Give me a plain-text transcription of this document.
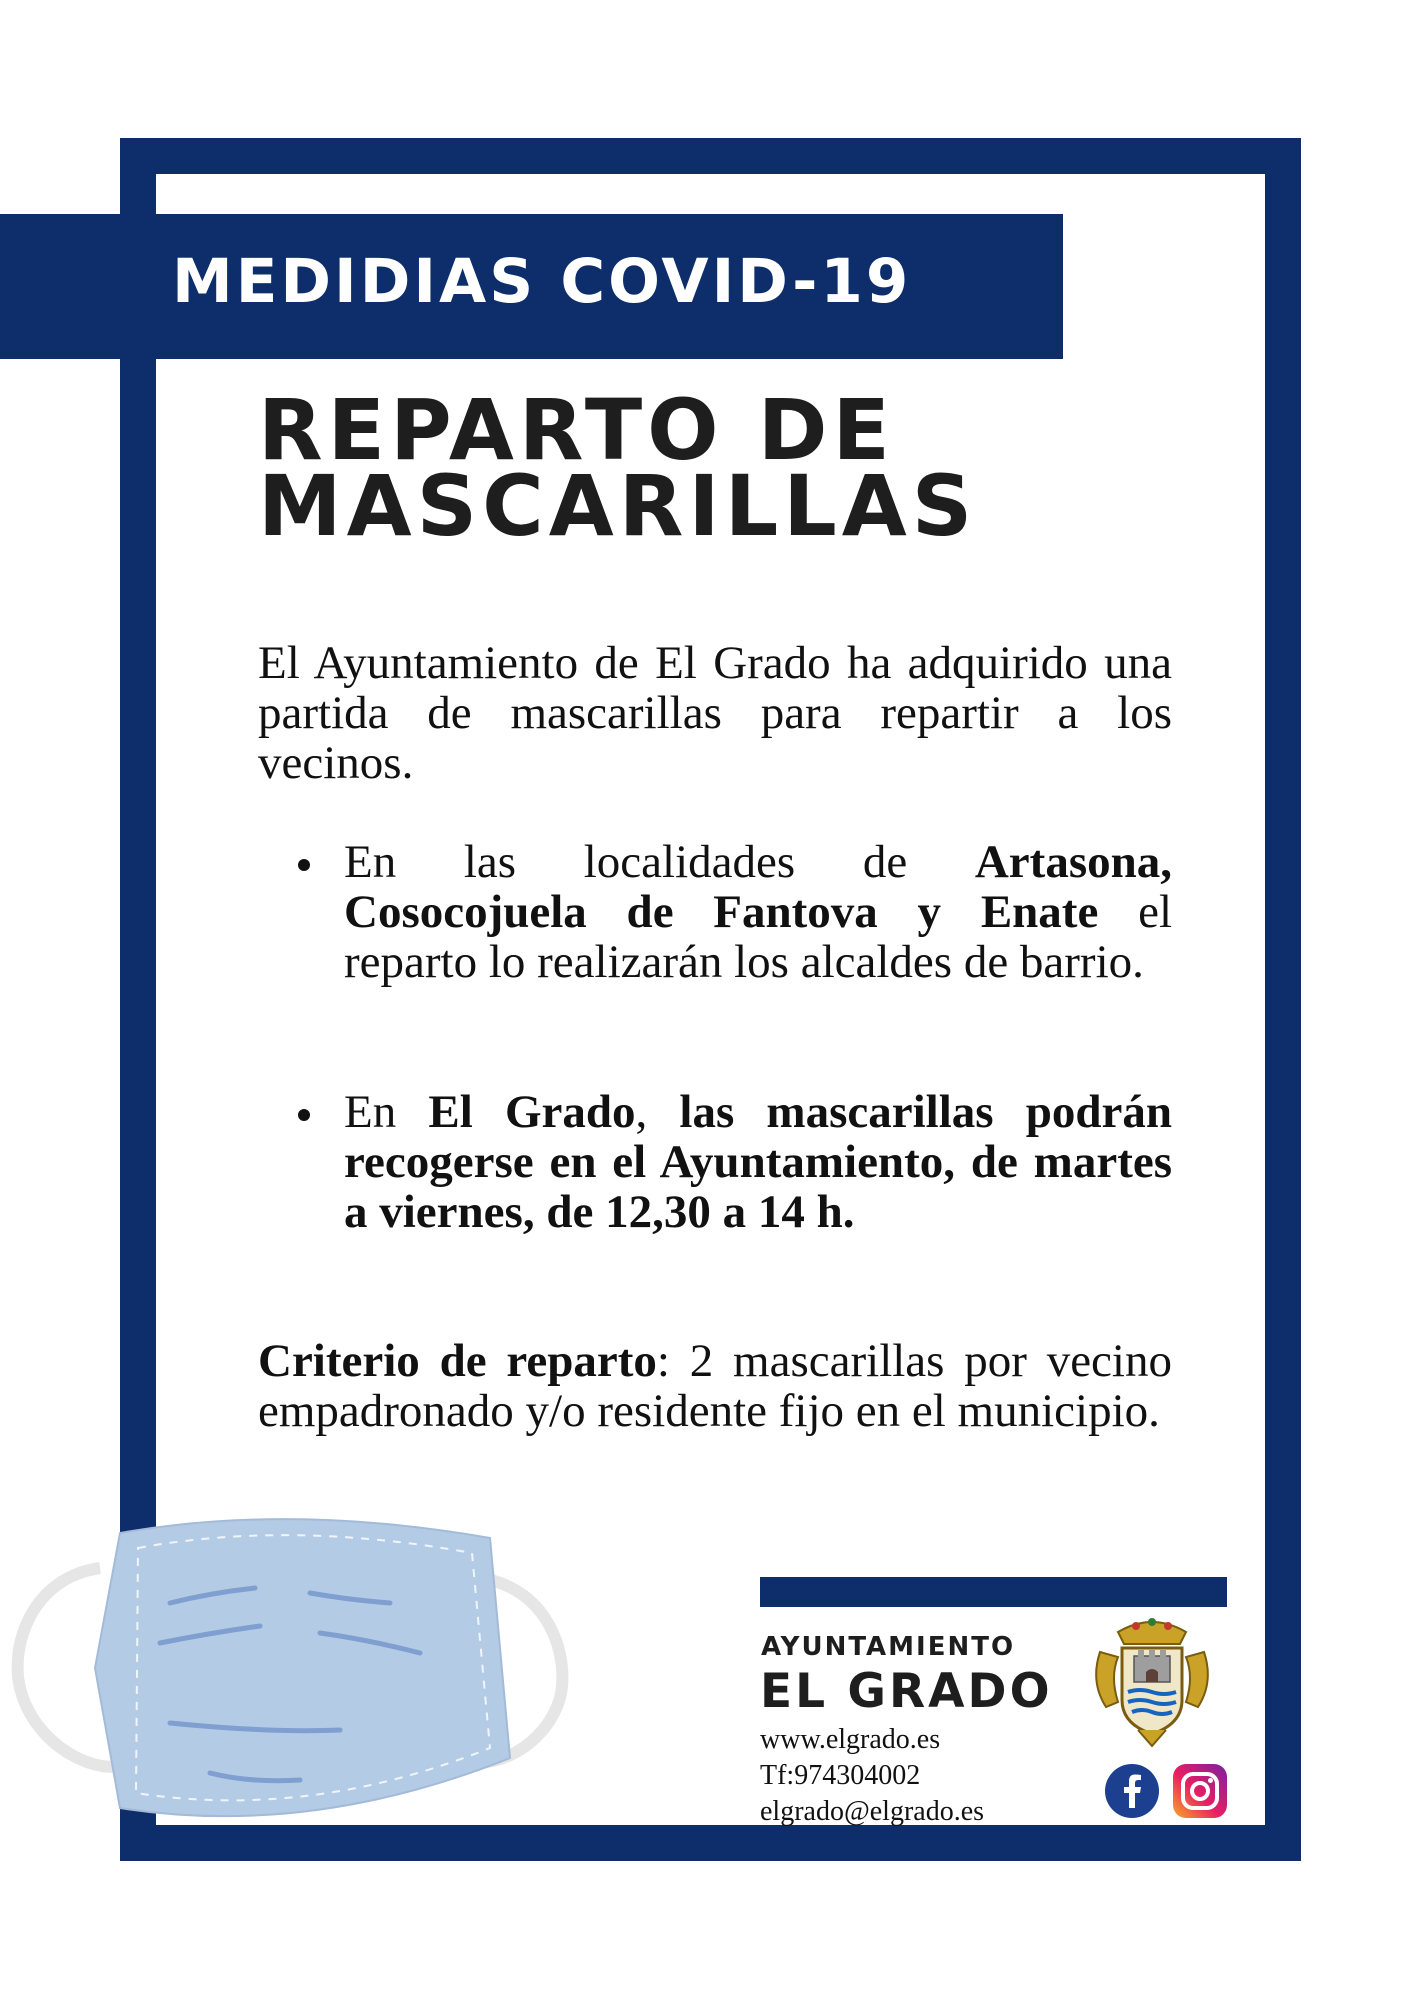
MEDIDIAS COVID-19
REPARTO DE
MASCARILLAS

El Ayuntamiento de El Grado ha adquirido una partida de mascarillas para repartir a los vecinos.

En las localidades de Artasona, Cosocojuela de Fantova y Enate el reparto lo realizarán los alcaldes de barrio.

En El Grado, las mascarillas podrán recogerse en el Ayuntamiento, de martes a viernes, de 12,30 a 14 h.

Criterio de reparto: 2 mascarillas por vecino empadronado y/o residente fijo en el municipio.

AYUNTAMIENTO
EL GRADO
www.elgrado.es
Tf:974304002
elgrado@elgrado.es
